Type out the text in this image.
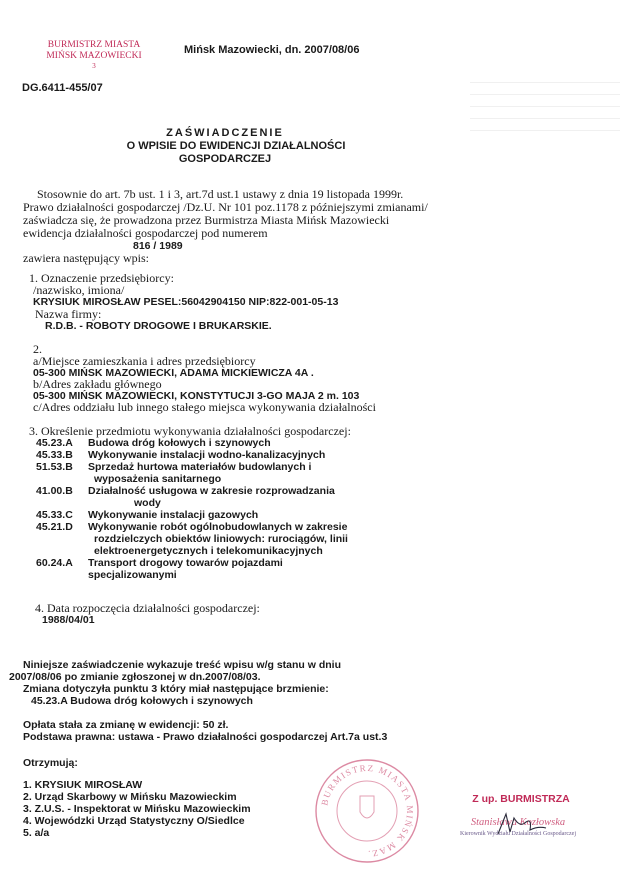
BURMISTRZ MIASTA
MIŃSK MAZOWIECKI
3
Mińsk Mazowiecki, dn. 2007/08/06
DG.6411-455/07
ZAŚWIADCZENIE
O WPISIE DO EWIDENCJI DZIAŁALNOŚCI
GOSPODARCZEJ
Stosownie do art. 7b ust. 1 i 3, art.7d ust.1 ustawy z dnia 19 listopada 1999r.
Prawo działalności gospodarczej /Dz.U. Nr 101 poz.1178 z późniejszymi zmianami/
zaświadcza się, że prowadzona przez Burmistrza Miasta Mińsk Mazowiecki
ewidencja działalności gospodarczej pod numerem
816 / 1989
zawiera następujący wpis:
1. Oznaczenie przedsiębiorcy:
/nazwisko, imiona/
KRYSIUK MIROSŁAW PESEL:56042904150 NIP:822-001-05-13
Nazwa firmy:
R.D.B. - ROBOTY DROGOWE I BRUKARSKIE.
2.
a/Miejsce zamieszkania i adres przedsiębiorcy
05-300 MIŃSK MAZOWIECKI, ADAMA MICKIEWICZA 4A .
b/Adres zakładu głównego
05-300 MIŃSK MAZOWIECKI, KONSTYTUCJI 3-GO MAJA 2 m. 103
c/Adres oddziału lub innego stałego miejsca wykonywania działalności
3. Określenie przedmiotu wykonywania działalności gospodarczej:
45.23.A	Budowa dróg kołowych i szynowych
45.33.B	Wykonywanie instalacji wodno-kanalizacyjnych
51.53.B	Sprzedaż hurtowa materiałów budowlanych i
wyposażenia sanitarnego
41.00.B	Działalność usługowa w zakresie rozprowadzania
wody
45.33.C	Wykonywanie instalacji gazowych
45.21.D	Wykonywanie robót ogólnobudowlanych w zakresie
rozdzielczych obiektów liniowych: rurociągów, linii
elektroenergetycznych i telekomunikacyjnych
60.24.A	Transport drogowy towarów pojazdami
specjalizowanymi
4. Data rozpoczęcia działalności gospodarczej:
1988/04/01
Niniejsze zaświadczenie wykazuje treść wpisu w/g stanu w dniu
2007/08/06 po zmianie zgłoszonej w dn.2007/08/03.
Zmiana dotyczyła punktu 3 który miał następujące brzmienie:
45.23.A Budowa dróg kołowych i szynowych
Opłata stała za zmianę w ewidencji: 50 zł.
Podstawa prawna: ustawa - Prawo działalności gospodarczej Art.7a ust.3
Otrzymują:
1. KRYSIUK MIROSŁAW
2. Urząd Skarbowy w Mińsku Mazowieckim
3. Z.U.S. - Inspektorat w Mińsku Mazowieckim
4. Wojewódzki Urząd Statystyczny O/Siedlce
5. a/a
BURMISTRZ MIASTA MIŃSK MAZ.
Z up. BURMISTRZA
Stanisława Kozłowska
Kierownik Wydziału Działalności Gospodarczej
